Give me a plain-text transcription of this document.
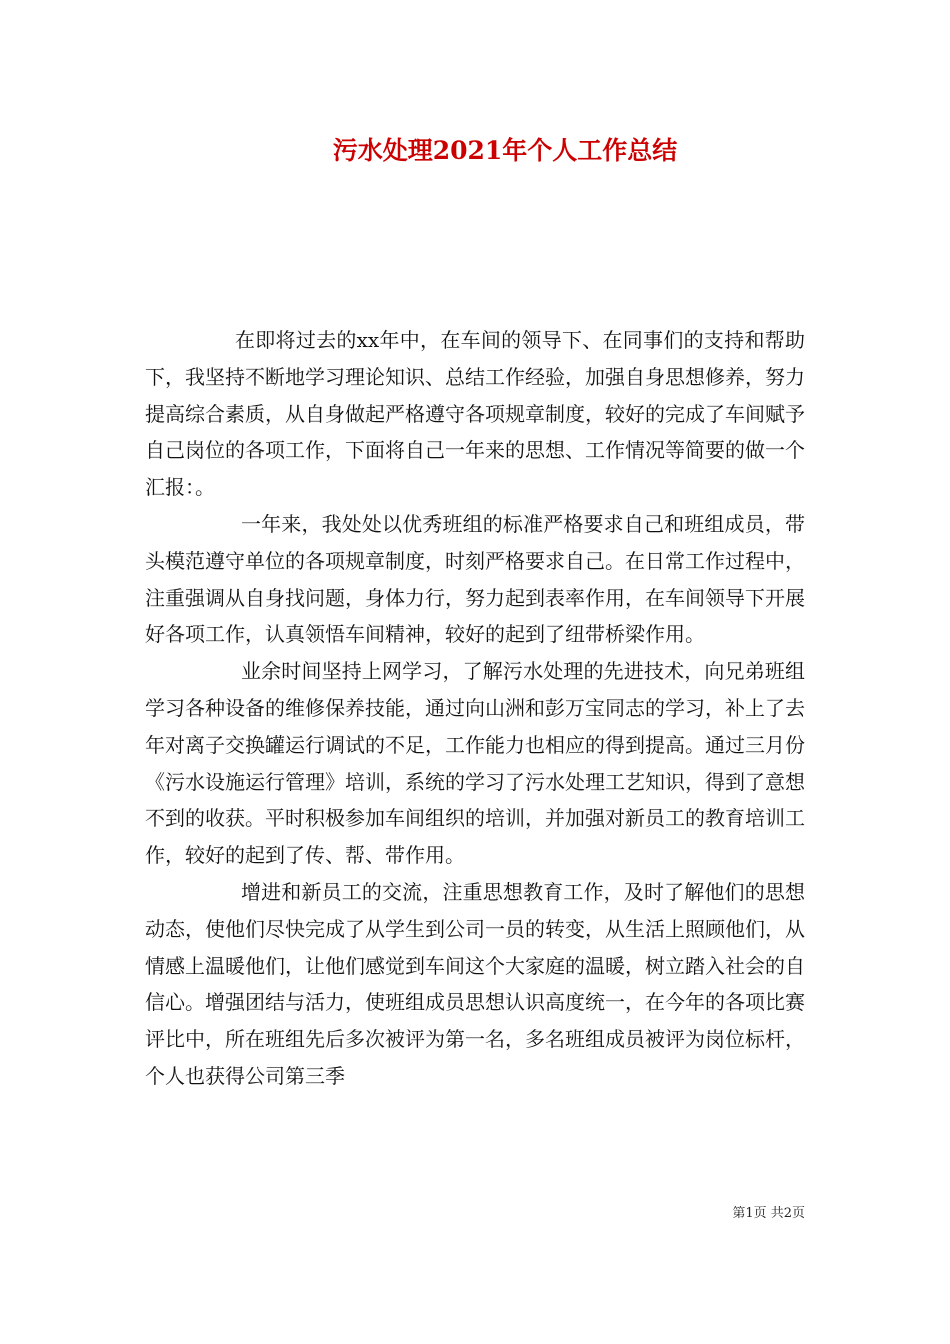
污水处理2021年个人工作总结

在即将过去的xx年中，在车间的领导下、在同事们的支持和帮助下，我坚持不断地学习理论知识、总结工作经验，加强自身思想修养，努力提高综合素质，从自身做起严格遵守各项规章制度，较好的完成了车间赋予自己岗位的各项工作，下面将自己一年来的思想、工作情况等简要的做一个汇报：。

一年来，我处处以优秀班组的标准严格要求自己和班组成员，带头模范遵守单位的各项规章制度，时刻严格要求自己。在日常工作过程中，注重强调从自身找问题，身体力行，努力起到表率作用，在车间领导下开展好各项工作，认真领悟车间精神，较好的起到了纽带桥梁作用。

业余时间坚持上网学习，了解污水处理的先进技术，向兄弟班组学习各种设备的维修保养技能，通过向山洲和彭万宝同志的学习，补上了去年对离子交换罐运行调试的不足，工作能力也相应的得到提高。通过三月份《污水设施运行管理》培训，系统的学习了污水处理工艺知识，得到了意想不到的收获。平时积极参加车间组织的培训，并加强对新员工的教育培训工作，较好的起到了传、帮、带作用。

增进和新员工的交流，注重思想教育工作，及时了解他们的思想动态，使他们尽快完成了从学生到公司一员的转变，从生活上照顾他们，从情感上温暖他们，让他们感觉到车间这个大家庭的温暖，树立踏入社会的自信心。增强团结与活力，使班组成员思想认识高度统一，在今年的各项比赛评比中，所在班组先后多次被评为第一名，多名班组成员被评为岗位标杆，个人也获得公司第三季

第1页 共2页
